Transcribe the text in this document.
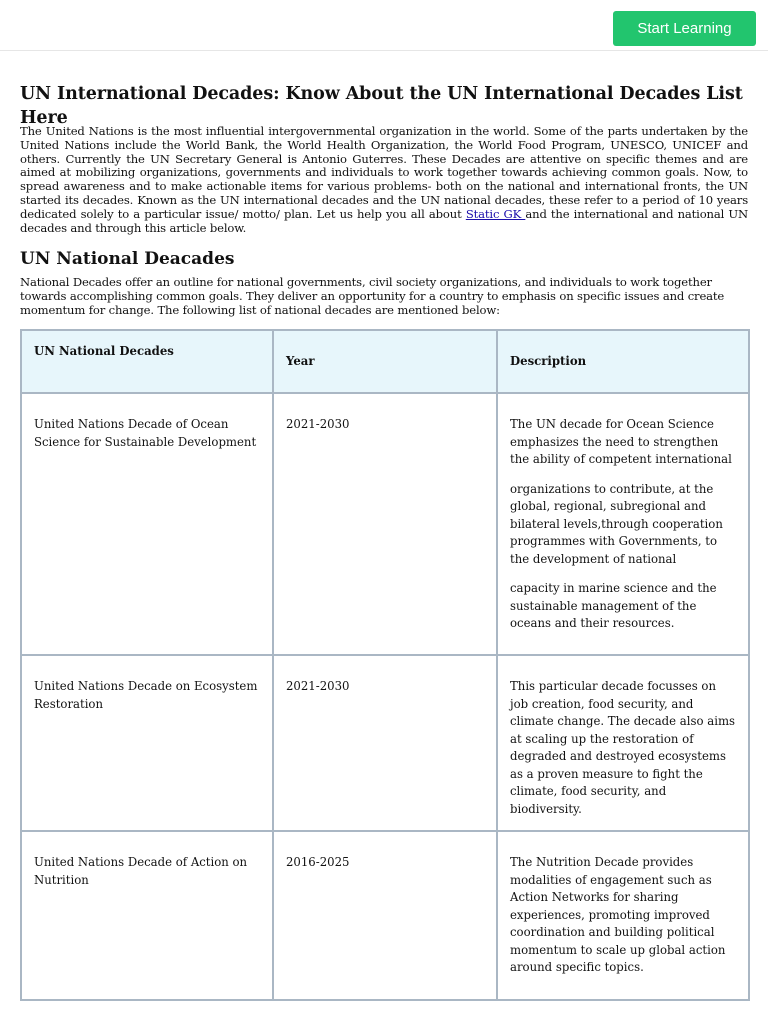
Start Learning
UN International Decades: Know About the UN International Decades List Here

The United Nations is the most influential intergovernmental organization in the world. Some of the parts undertaken by the United Nations include the World Bank, the World Health Organization, the World Food Program, UNESCO, UNICEF and others. Currently the UN Secretary General is Antonio Guterres. These Decades are attentive on specific themes and are aimed at mobilizing organizations, governments and individuals to work together towards achieving common goals. Now, to spread awareness and to make actionable items for various problems- both on the national and international fronts, the UN started its decades. Known as the UN international decades and the UN national decades, these refer to a period of 10 years dedicated solely to a particular issue/ motto/ plan. Let us help you all about Static GK and the international and national UN decades and through this article below.

UN National Deacades

National Decades offer an outline for national governments, civil society organizations, and individuals to work together towards accomplishing common goals. They deliver an opportunity for a country to emphasis on specific issues and create momentum for change. The following list of national decades are mentioned below:

UN National Decades	Year	Description
United Nations Decade of Ocean Science for Sustainable Development	2021-2030	The UN decade for Ocean Science emphasizes the need to strengthen the ability of competent international

organizations to contribute, at the global, regional, subregional and bilateral levels,through cooperation programmes with Governments, to the development of national

capacity in marine science and the sustainable management of the oceans and their resources.

United Nations Decade on Ecosystem Restoration	2021-2030	This particular decade focusses on job creation, food security, and climate change. The decade also aims at scaling up the restoration of degraded and destroyed ecosystems as a proven measure to fight the climate, food security, and biodiversity.

United Nations Decade of Action on Nutrition	2016-2025	The Nutrition Decade provides modalities of engagement such as Action Networks for sharing experiences, promoting improved coordination and building political momentum to scale up global action around specific topics.
